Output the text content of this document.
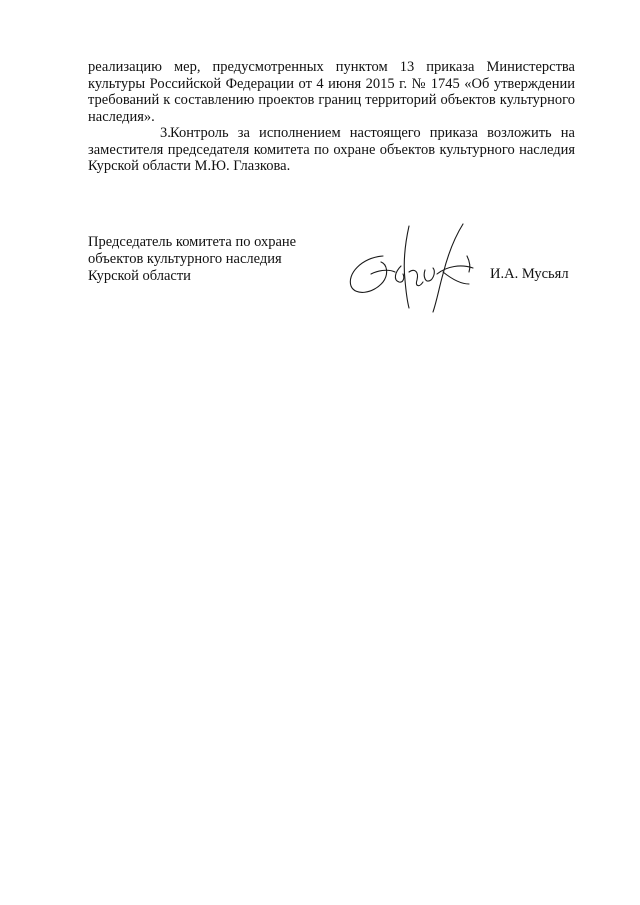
реализацию мер, предусмотренных пунктом 13 приказа Министерства культуры Российской Федерации от 4 июня 2015 г. № 1745 «Об утверждении требований к составлению проектов границ территорий объектов культурного наследия».

3.Контроль за исполнением настоящего приказа возложить на заместителя председателя комитета по охране объектов культурного наследия Курской области М.Ю. Глазкова.

Председатель комитета по охране
объектов культурного наследия
Курской области	И.А. Мусьял
